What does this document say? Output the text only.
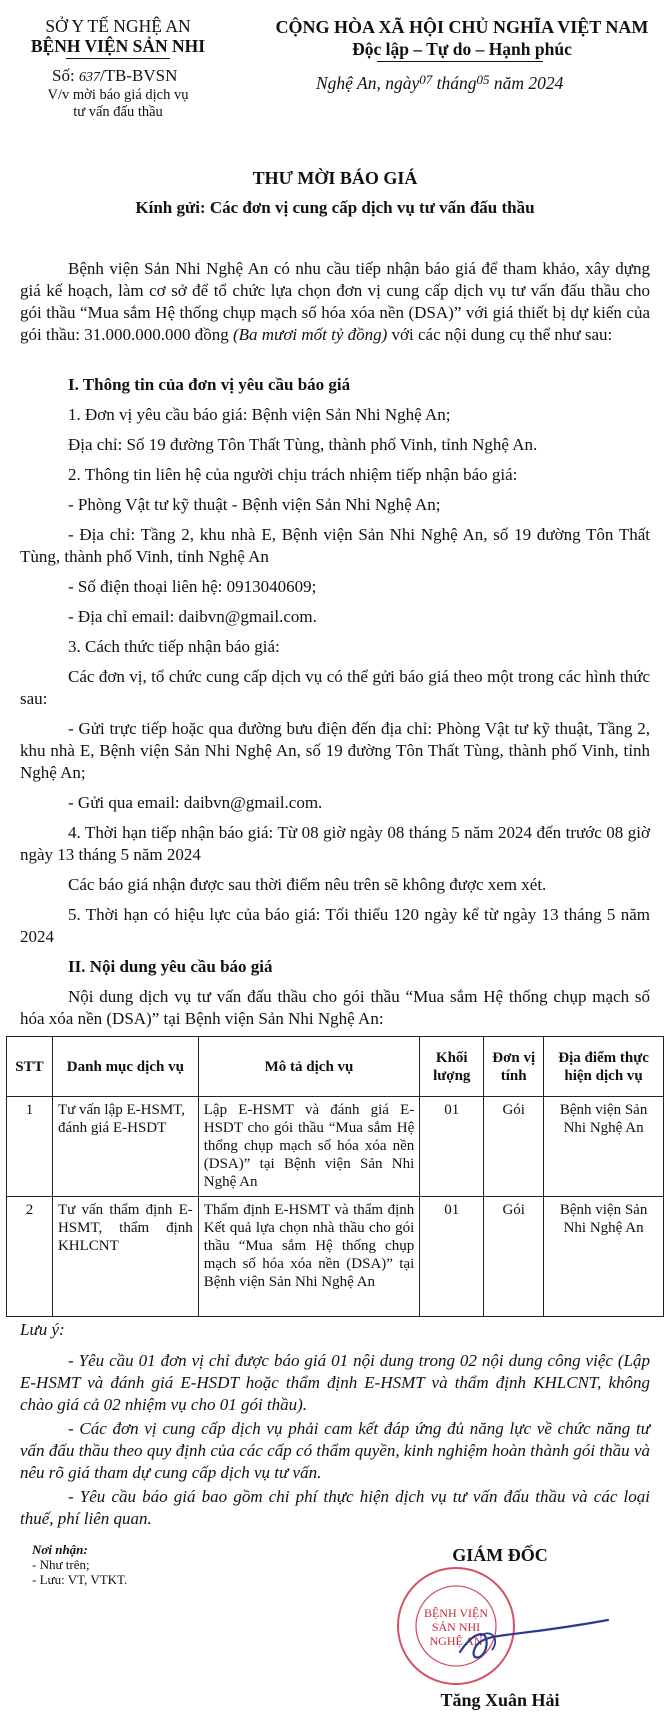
SỞ Y TẾ NGHỆ AN
BỆNH VIỆN SẢN NHI
Số: 637/TB-BVSN
V/v mời báo giá dịch vụ
tư vấn đấu thầu
CỘNG HÒA XÃ HỘI CHỦ NGHĨA VIỆT NAM
Độc lập – Tự do – Hạnh phúc
Nghệ An, ngày$^{07}$ tháng$^{05}$ năm 2024
THƯ MỜI BÁO GIÁ
Kính gửi: Các đơn vị cung cấp dịch vụ tư vấn đấu thầu

Bệnh viện Sản Nhi Nghệ An có nhu cầu tiếp nhận báo giá để tham khảo, xây dựng giá kế hoạch, làm cơ sở để tổ chức lựa chọn đơn vị cung cấp dịch vụ tư vấn đấu thầu cho gói thầu “Mua sắm Hệ thống chụp mạch số hóa xóa nền (DSA)” với giá thiết bị dự kiến của gói thầu: 31.000.000.000 đồng (Ba mươi mốt tỷ đồng) với các nội dung cụ thể như sau:

I. Thông tin của đơn vị yêu cầu báo giá

1. Đơn vị yêu cầu báo giá: Bệnh viện Sản Nhi Nghệ An;

Địa chỉ: Số 19 đường Tôn Thất Tùng, thành phố Vinh, tỉnh Nghệ An.

2. Thông tin liên hệ của người chịu trách nhiệm tiếp nhận báo giá:

- Phòng Vật tư kỹ thuật - Bệnh viện Sản Nhi Nghệ An;

- Địa chỉ: Tầng 2, khu nhà E, Bệnh viện Sản Nhi Nghệ An, số 19 đường Tôn Thất Tùng, thành phố Vinh, tỉnh Nghệ An

- Số điện thoại liên hệ: 0913040609;

- Địa chỉ email: daibvn@gmail.com.

3. Cách thức tiếp nhận báo giá:

Các đơn vị, tổ chức cung cấp dịch vụ có thể gửi báo giá theo một trong các hình thức sau:

- Gửi trực tiếp hoặc qua đường bưu điện đến địa chỉ: Phòng Vật tư kỹ thuật, Tầng 2, khu nhà E, Bệnh viện Sản Nhi Nghệ An, số 19 đường Tôn Thất Tùng, thành phố Vinh, tỉnh Nghệ An;

- Gửi qua email: daibvn@gmail.com.

4. Thời hạn tiếp nhận báo giá: Từ 08 giờ ngày 08 tháng 5 năm 2024 đến trước 08 giờ ngày 13 tháng 5 năm 2024

Các báo giá nhận được sau thời điểm nêu trên sẽ không được xem xét.

5. Thời hạn có hiệu lực của báo giá: Tối thiểu 120 ngày kể từ ngày 13 tháng 5 năm 2024

II. Nội dung yêu cầu báo giá

Nội dung dịch vụ tư vấn đấu thầu cho gói thầu “Mua sắm Hệ thống chụp mạch số hóa xóa nền (DSA)” tại Bệnh viện Sản Nhi Nghệ An:

STT	Danh mục dịch vụ	Mô tả dịch vụ	Khối lượng	Đơn vị tính	Địa điểm thực hiện dịch vụ
1	Tư vấn lập E-HSMT, đánh giá E-HSDT	Lập E-HSMT và đánh giá E-HSDT cho gói thầu “Mua sắm Hệ thống chụp mạch số hóa xóa nền (DSA)” tại Bệnh viện Sản Nhi Nghệ An	01	Gói	Bệnh viện Sản Nhi Nghệ An
2	Tư vấn thẩm định E-HSMT, thẩm định KHLCNT	Thẩm định E-HSMT và thẩm định Kết quả lựa chọn nhà thầu cho gói thầu “Mua sắm Hệ thống chụp mạch số hóa xóa nền (DSA)” tại Bệnh viện Sản Nhi Nghệ An	01	Gói	Bệnh viện Sản Nhi Nghệ An

Lưu ý:

- Yêu cầu 01 đơn vị chỉ được báo giá 01 nội dung trong 02 nội dung công việc (Lập E-HSMT và đánh giá E-HSDT hoặc thẩm định E-HSMT và thẩm định KHLCNT, không chào giá cả 02 nhiệm vụ cho 01 gói thầu).

- Các đơn vị cung cấp dịch vụ phải cam kết đáp ứng đủ năng lực về chức năng tư vấn đấu thầu theo quy định của các cấp có thẩm quyền, kinh nghiệm hoàn thành gói thầu và nêu rõ giá tham dự cung cấp dịch vụ tư vấn.

- Yêu cầu báo giá bao gồm chi phí thực hiện dịch vụ tư vấn đấu thầu và các loại thuế, phí liên quan.

Nơi nhận:
- Như trên;
- Lưu: VT, VTKT.
GIÁM ĐỐC
BỆNH VIỆN
SẢN NHI
NGHỆ AN
Tăng Xuân Hải
